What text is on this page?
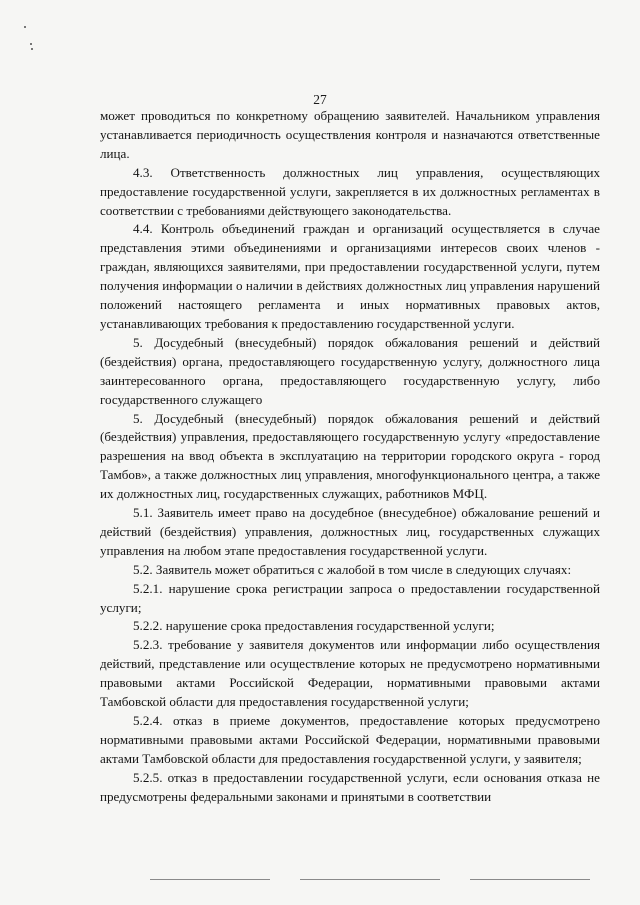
27

может проводиться по конкретному обращению заявителей. Начальником управления устанавливается периодичность осуществления контроля и назначаются ответственные лица.

4.3. Ответственность должностных лиц управления, осуществляющих предоставление государственной услуги, закрепляется в их должностных регламентах в соответствии с требованиями действующего законодательства.

4.4. Контроль объединений граждан и организаций осуществляется в случае представления этими объединениями и организациями интересов своих членов - граждан, являющихся заявителями, при предоставлении государственной услуги, путем получения информации о наличии в действиях должностных лиц управления нарушений положений настоящего регламента и иных нормативных правовых актов, устанавливающих требования к предоставлению государственной услуги.

5. Досудебный (внесудебный) порядок обжалования решений и действий (бездействия) органа, предоставляющего государственную услугу, должностного лица заинтересованного органа, предоставляющего государственную услугу, либо государственного служащего

5. Досудебный (внесудебный) порядок обжалования решений и действий (бездействия) управления, предоставляющего государственную услугу «предоставление разрешения на ввод объекта в эксплуатацию на территории городского округа - город Тамбов», а также должностных лиц управления, многофункционального центра, а также их должностных лиц, государственных служащих, работников МФЦ.

5.1. Заявитель имеет право на досудебное (внесудебное) обжалование решений и действий (бездействия) управления, должностных лиц, государственных служащих управления на любом этапе предоставления государственной услуги.

5.2. Заявитель может обратиться с жалобой в том числе в следующих случаях:

5.2.1. нарушение срока регистрации запроса о предоставлении государственной услуги;

5.2.2. нарушение срока предоставления государственной услуги;

5.2.3. требование у заявителя документов или информации либо осуществления действий, представление или осуществление которых не предусмотрено нормативными правовыми актами Российской Федерации, нормативными правовыми актами Тамбовской области для предоставления государственной услуги;

5.2.4. отказ в приеме документов, предоставление которых предусмотрено нормативными правовыми актами Российской Федерации, нормативными правовыми актами Тамбовской области для предоставления государственной услуги, у заявителя;

5.2.5. отказ в предоставлении государственной услуги, если основания отказа не предусмотрены федеральными законами и принятыми в соответствии
